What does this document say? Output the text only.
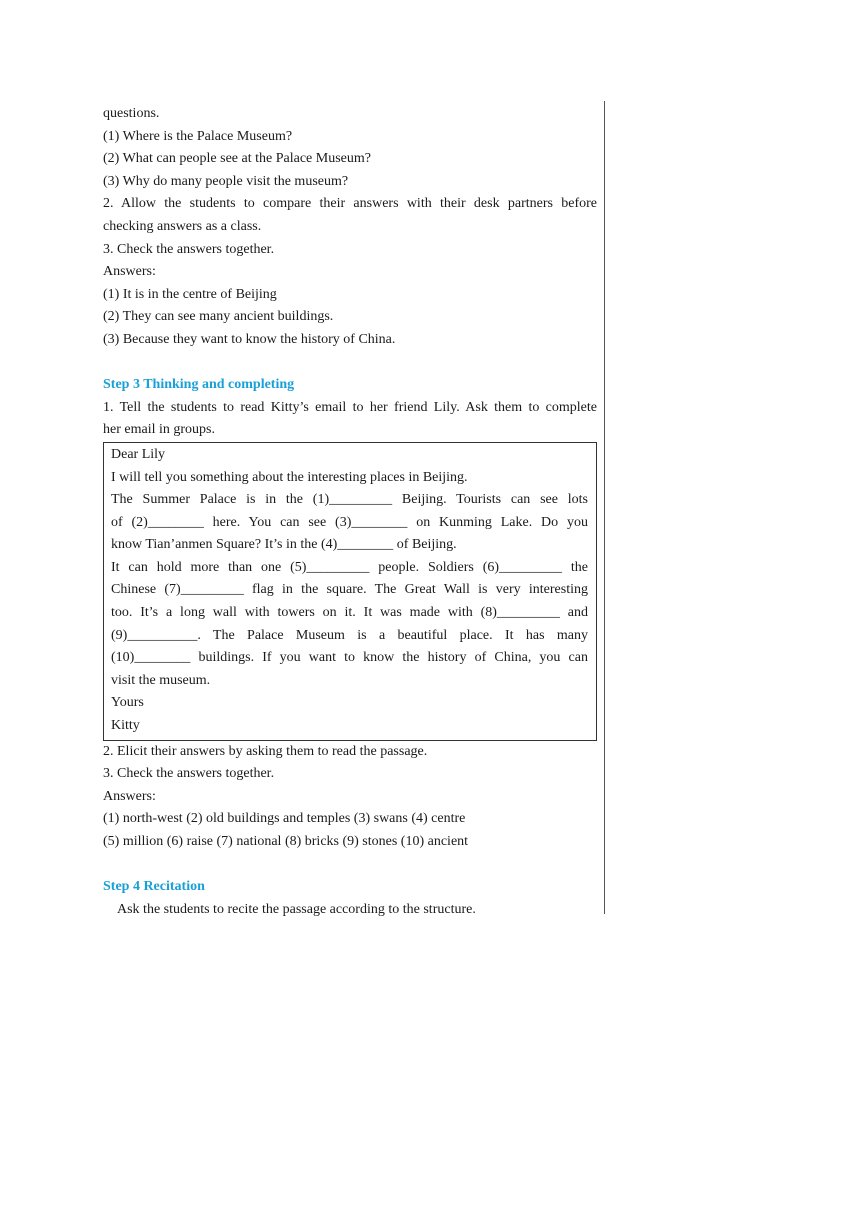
questions.
(1) Where is the Palace Museum?
(2) What can people see at the Palace Museum?
(3) Why do many people visit the museum?
2. Allow the students to compare their answers with their desk partners before
checking answers as a class.
3. Check the answers together.
Answers:
(1) It is in the centre of Beijing
(2) They can see many ancient buildings.
(3) Because they want to know the history of China.
Step 3 Thinking and completing
1. Tell the students to read Kitty’s email to her friend Lily. Ask them to complete
her email in groups.
Dear Lily
I will tell you something about the interesting places in Beijing.
The Summer Palace is in the (1)_________ Beijing. Tourists can see lots
of (2)________ here. You can see (3)________ on Kunming Lake. Do you
know Tian’anmen Square? It’s in the (4)________ of Beijing.
It can hold more than one (5)_________ people. Soldiers (6)_________ the
Chinese (7)_________ flag in the square. The Great Wall is very interesting
too. It’s a long wall with towers on it. It was made with (8)_________ and
(9)__________. The Palace Museum is a beautiful place. It has many
(10)________ buildings. If you want to know the history of China, you can
visit the museum.
Yours
Kitty
2. Elicit their answers by asking them to read the passage.
3. Check the answers together.
Answers:
(1) north-west (2) old buildings and temples (3) swans (4) centre
(5) million (6) raise (7) national (8) bricks (9) stones (10) ancient
Step 4 Recitation
Ask the students to recite the passage according to the structure.
